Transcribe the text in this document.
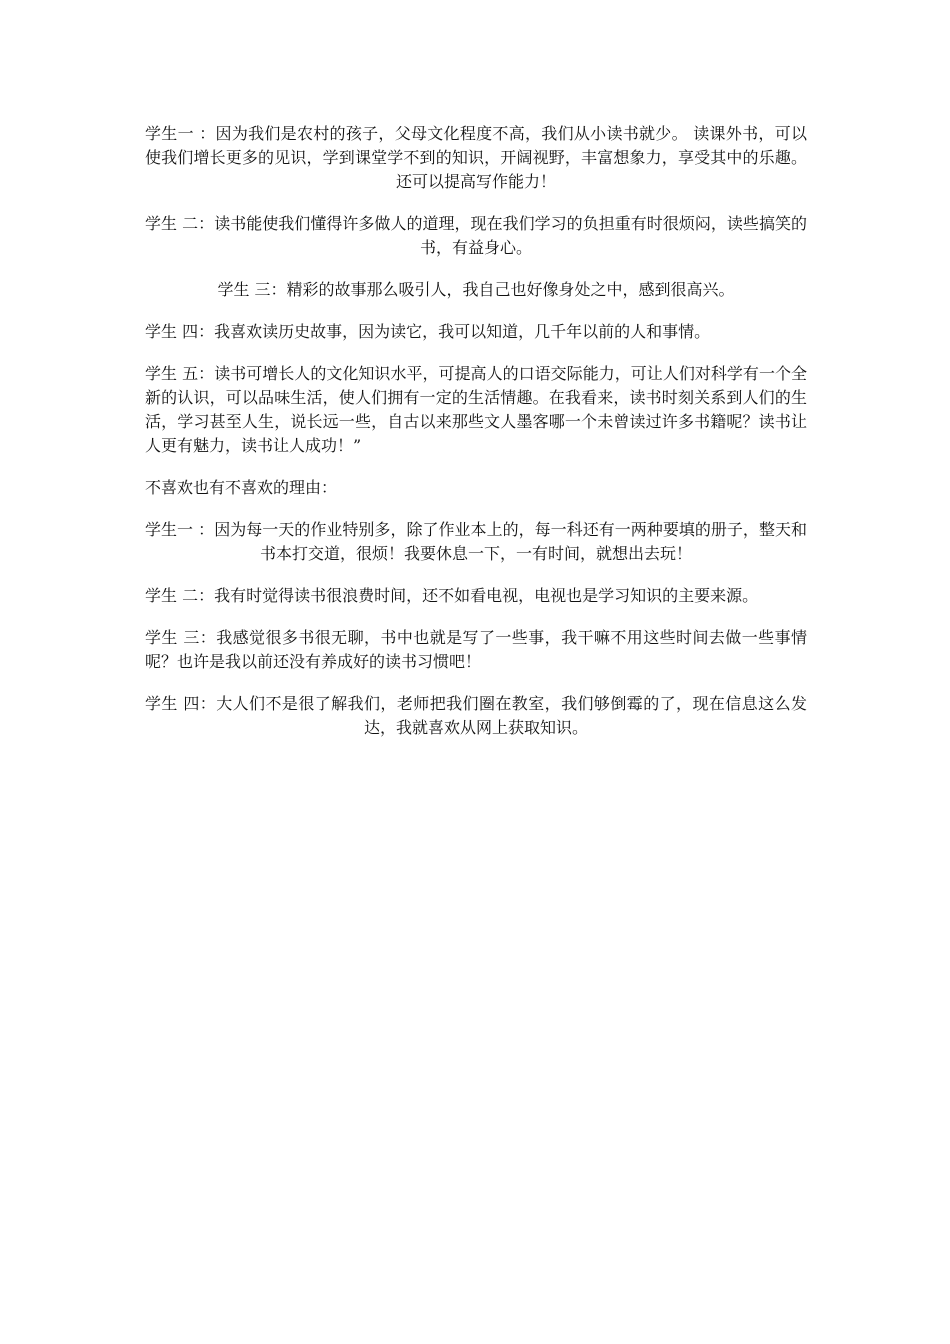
学生一 ：因为我们是农村的孩子，父母文化程度不高，我们从小读书就少。 读课外书，可以使我们增长更多的见识，学到课堂学不到的知识，开阔视野，丰富想象力，享受其中的乐趣。还可以提高写作能力！

学生 二：读书能使我们懂得许多做人的道理，现在我们学习的负担重有时很烦闷，读些搞笑的书，有益身心。

学生 三：精彩的故事那么吸引人，我自己也好像身处之中，感到很高兴。

学生 四：我喜欢读历史故事，因为读它，我可以知道，几千年以前的人和事情。

学生 五：读书可增长人的文化知识水平，可提高人的口语交际能力，可让人们对科学有一个全新的认识，可以品味生活，使人们拥有一定的生活情趣。在我看来，读书时刻关系到人们的生活，学习甚至人生，说长远一些，自古以来那些文人墨客哪一个未曾读过许多书籍呢？读书让人更有魅力，读书让人成功！”

不喜欢也有不喜欢的理由：

学生一 ：因为每一天的作业特别多，除了作业本上的，每一科还有一两种要填的册子，整天和书本打交道，很烦！我要休息一下，一有时间，就想出去玩！

学生 二：我有时觉得读书很浪费时间，还不如看电视，电视也是学习知识的主要来源。

学生 三：我感觉很多书很无聊，书中也就是写了一些事，我干嘛不用这些时间去做一些事情呢？也许是我以前还没有养成好的读书习惯吧！

学生 四：大人们不是很了解我们，老师把我们圈在教室，我们够倒霉的了，现在信息这么发达，我就喜欢从网上获取知识。
